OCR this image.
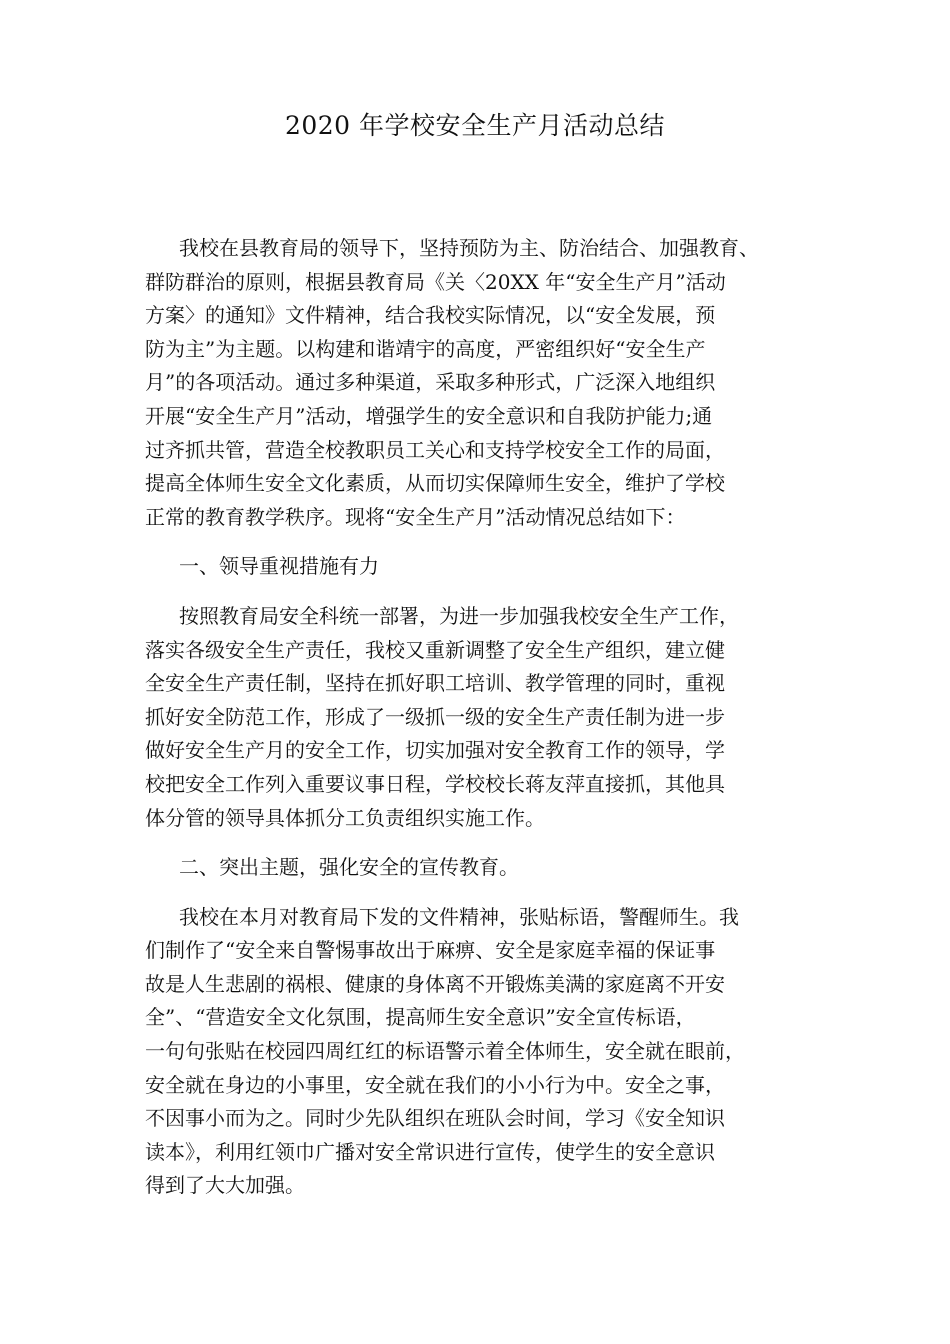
2020 年学校安全生产月活动总结
我校在县教育局的领导下，坚持预防为主、防治结合、加强教育、
群防群治的原则，根据县教育局《关〈20XX 年“安全生产月”活动
方案〉的通知》文件精神，结合我校实际情况，以“安全发展，预
防为主”为主题。以构建和谐靖宇的高度，严密组织好“安全生产
月”的各项活动。通过多种渠道，采取多种形式，广泛深入地组织
开展“安全生产月”活动，增强学生的安全意识和自我防护能力;通
过齐抓共管，营造全校教职员工关心和支持学校安全工作的局面，
提高全体师生安全文化素质，从而切实保障师生安全，维护了学校
正常的教育教学秩序。现将“安全生产月”活动情况总结如下：
一、领导重视措施有力
按照教育局安全科统一部署，为进一步加强我校安全生产工作，
落实各级安全生产责任，我校又重新调整了安全生产组织，建立健
全安全生产责任制，坚持在抓好职工培训、教学管理的同时，重视
抓好安全防范工作，形成了一级抓一级的安全生产责任制为进一步
做好安全生产月的安全工作，切实加强对安全教育工作的领导，学
校把安全工作列入重要议事日程，学校校长蒋友萍直接抓，其他具
体分管的领导具体抓分工负责组织实施工作。
二、突出主题，强化安全的宣传教育。
我校在本月对教育局下发的文件精神，张贴标语，警醒师生。我
们制作了“安全来自警惕事故出于麻痹、安全是家庭幸福的保证事
故是人生悲剧的祸根、健康的身体离不开锻炼美满的家庭离不开安
全”、“营造安全文化氛围，提高师生安全意识”安全宣传标语，
一句句张贴在校园四周红红的标语警示着全体师生，安全就在眼前，
安全就在身边的小事里，安全就在我们的小小行为中。安全之事，
不因事小而为之。同时少先队组织在班队会时间，学习《安全知识
读本》，利用红领巾广播对安全常识进行宣传，使学生的安全意识
得到了大大加强。
